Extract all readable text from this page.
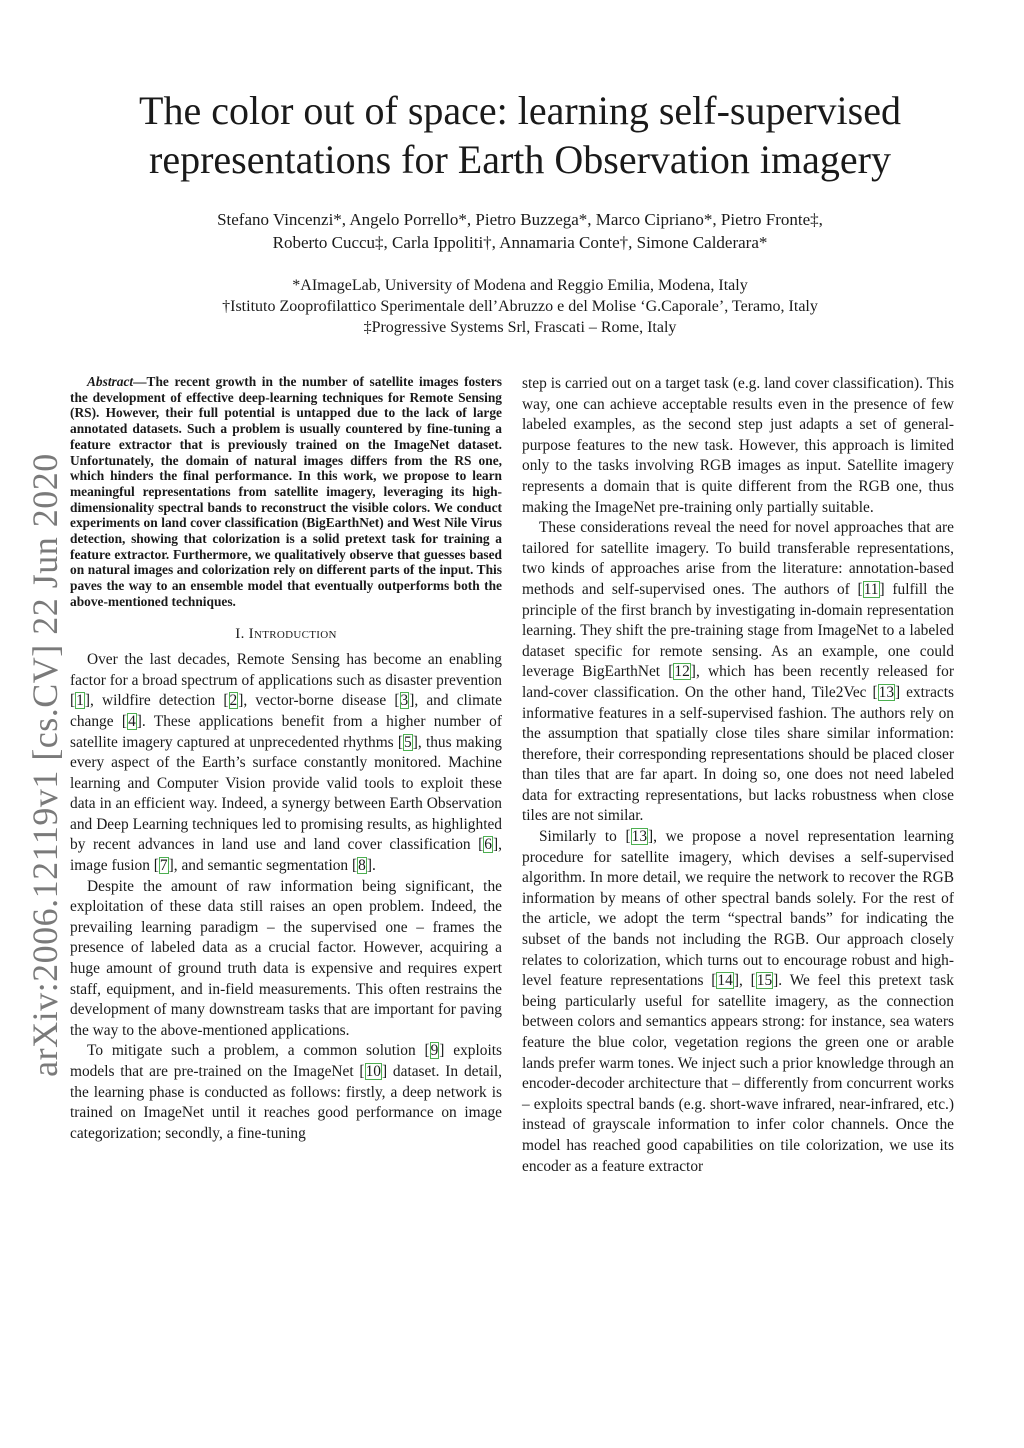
arXiv:2006.12119v1 [cs.CV] 22 Jun 2020
The color out of space: learning self-supervised
representations for Earth Observation imagery
Stefano Vincenzi*, Angelo Porrello*, Pietro Buzzega*, Marco Cipriano*, Pietro Fronte‡,
Roberto Cuccu‡, Carla Ippoliti†, Annamaria Conte†, Simone Calderara*
*AImageLab, University of Modena and Reggio Emilia, Modena, Italy
†Istituto Zooprofilattico Sperimentale dell’Abruzzo e del Molise ‘G.Caporale’, Teramo, Italy
‡Progressive Systems Srl, Frascati – Rome, Italy

Abstract—The recent growth in the number of satellite images fosters the development of effective deep-learning techniques for Remote Sensing (RS). However, their full potential is untapped due to the lack of large annotated datasets. Such a problem is usually countered by fine-tuning a feature extractor that is previously trained on the ImageNet dataset. Unfortunately, the domain of natural images differs from the RS one, which hinders the final performance. In this work, we propose to learn meaningful representations from satellite imagery, leveraging its high-dimensionality spectral bands to reconstruct the visible colors. We conduct experiments on land cover classification (BigEarthNet) and West Nile Virus detection, showing that colorization is a solid pretext task for training a feature extractor. Furthermore, we qualitatively observe that guesses based on natural images and colorization rely on different parts of the input. This paves the way to an ensemble model that eventually outperforms both the above-mentioned techniques.

I. Introduction

Over the last decades, Remote Sensing has become an enabling factor for a broad spectrum of applications such as disaster prevention [1], wildfire detection [2], vector-borne disease [3], and climate change [4]. These applications benefit from a higher number of satellite imagery captured at unprecedented rhythms [5], thus making every aspect of the Earth’s surface constantly monitored. Machine learning and Computer Vision provide valid tools to exploit these data in an efficient way. Indeed, a synergy between Earth Observation and Deep Learning techniques led to promising results, as highlighted by recent advances in land use and land cover classification [6], image fusion [7], and semantic segmentation [8].

Despite the amount of raw information being significant, the exploitation of these data still raises an open problem. Indeed, the prevailing learning paradigm – the supervised one – frames the presence of labeled data as a crucial factor. However, acquiring a huge amount of ground truth data is expensive and requires expert staff, equipment, and in-field measurements. This often restrains the development of many downstream tasks that are important for paving the way to the above-mentioned applications.

To mitigate such a problem, a common solution [9] exploits models that are pre-trained on the ImageNet [10] dataset. In detail, the learning phase is conducted as follows: firstly, a deep network is trained on ImageNet until it reaches good performance on image categorization; secondly, a fine-tuning

step is carried out on a target task (e.g. land cover classification). This way, one can achieve acceptable results even in the presence of few labeled examples, as the second step just adapts a set of general-purpose features to the new task. However, this approach is limited only to the tasks involving RGB images as input. Satellite imagery represents a domain that is quite different from the RGB one, thus making the ImageNet pre-training only partially suitable.

These considerations reveal the need for novel approaches that are tailored for satellite imagery. To build transferable representations, two kinds of approaches arise from the literature: annotation-based methods and self-supervised ones. The authors of [11] fulfill the principle of the first branch by investigating in-domain representation learning. They shift the pre-training stage from ImageNet to a labeled dataset specific for remote sensing. As an example, one could leverage BigEarthNet [12], which has been recently released for land-cover classification. On the other hand, Tile2Vec [13] extracts informative features in a self-supervised fashion. The authors rely on the assumption that spatially close tiles share similar information: therefore, their corresponding representations should be placed closer than tiles that are far apart. In doing so, one does not need labeled data for extracting representations, but lacks robustness when close tiles are not similar.

Similarly to [13], we propose a novel representation learning procedure for satellite imagery, which devises a self-supervised algorithm. In more detail, we require the network to recover the RGB information by means of other spectral bands solely. For the rest of the article, we adopt the term “spectral bands” for indicating the subset of the bands not including the RGB. Our approach closely relates to colorization, which turns out to encourage robust and high-level feature representations [14], [15]. We feel this pretext task being particularly useful for satellite imagery, as the connection between colors and semantics appears strong: for instance, sea waters feature the blue color, vegetation regions the green one or arable lands prefer warm tones. We inject such a prior knowledge through an encoder-decoder architecture that – differently from concurrent works – exploits spectral bands (e.g. short-wave infrared, near-infrared, etc.) instead of grayscale information to infer color channels. Once the model has reached good capabilities on tile colorization, we use its encoder as a feature extractor
